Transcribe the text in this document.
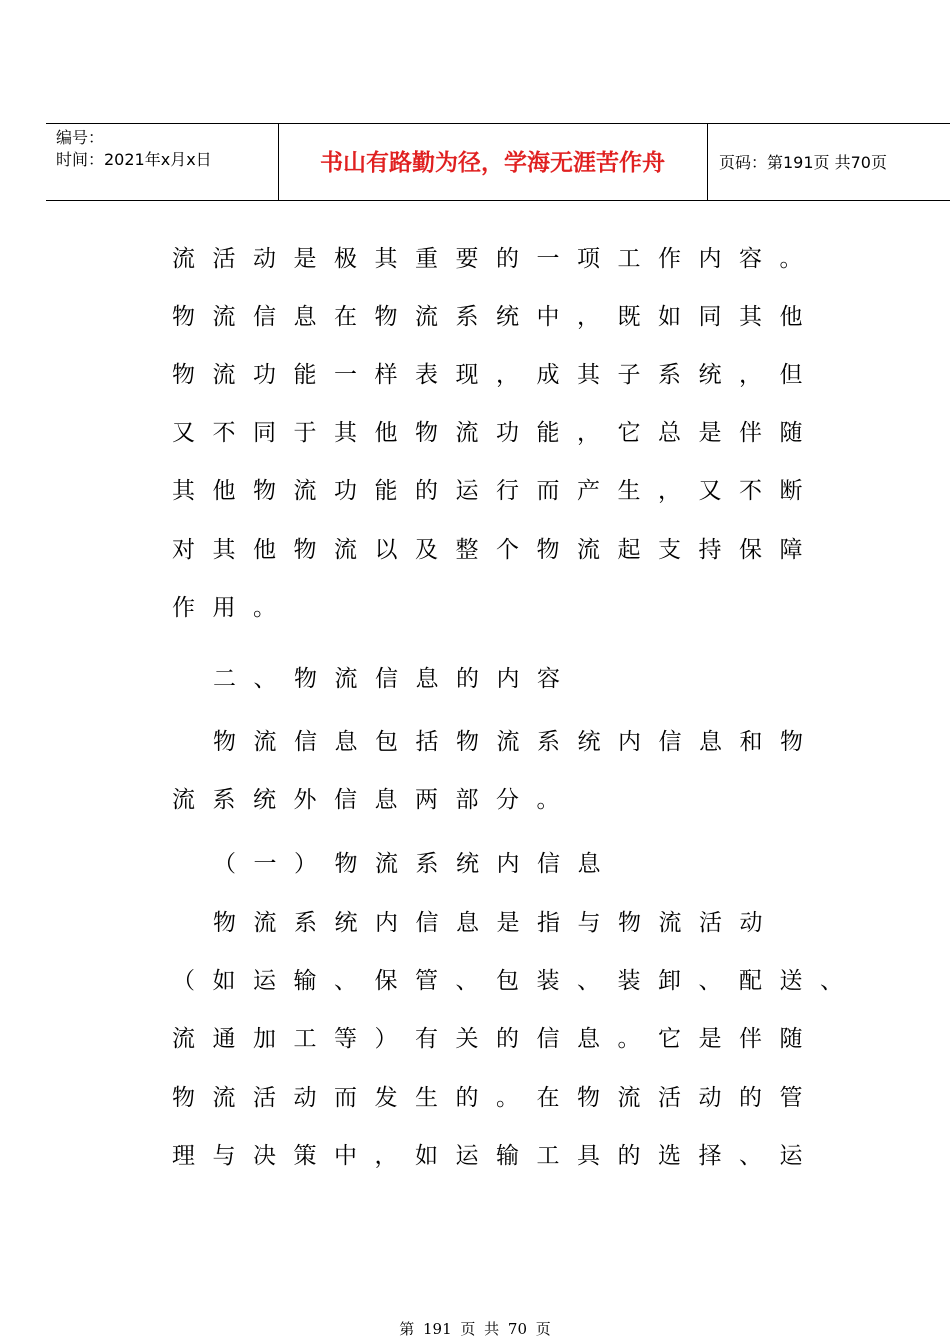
编号：
时间：2021年x月x日	书山有路勤为径，学海无涯苦作舟	页码：第191页 共70页
流活动是极其重要的一项工作内容。
物流信息在物流系统中，既如同其他
物流功能一样表现，成其子系统，但
又不同于其他物流功能，它总是伴随
其他物流功能的运行而产生，又不断
对其他物流以及整个物流起支持保障
作用。
二、物流信息的内容
物流信息包括物流系统内信息和物
流系统外信息两部分。
（一）物流系统内信息
物流系统内信息是指与物流活动
（如运输、保管、包装、装卸、配送、
流通加工等）有关的信息。它是伴随
物流活动而发生的。在物流活动的管
理与决策中，如运输工具的选择、运
第 191 页 共 70 页
